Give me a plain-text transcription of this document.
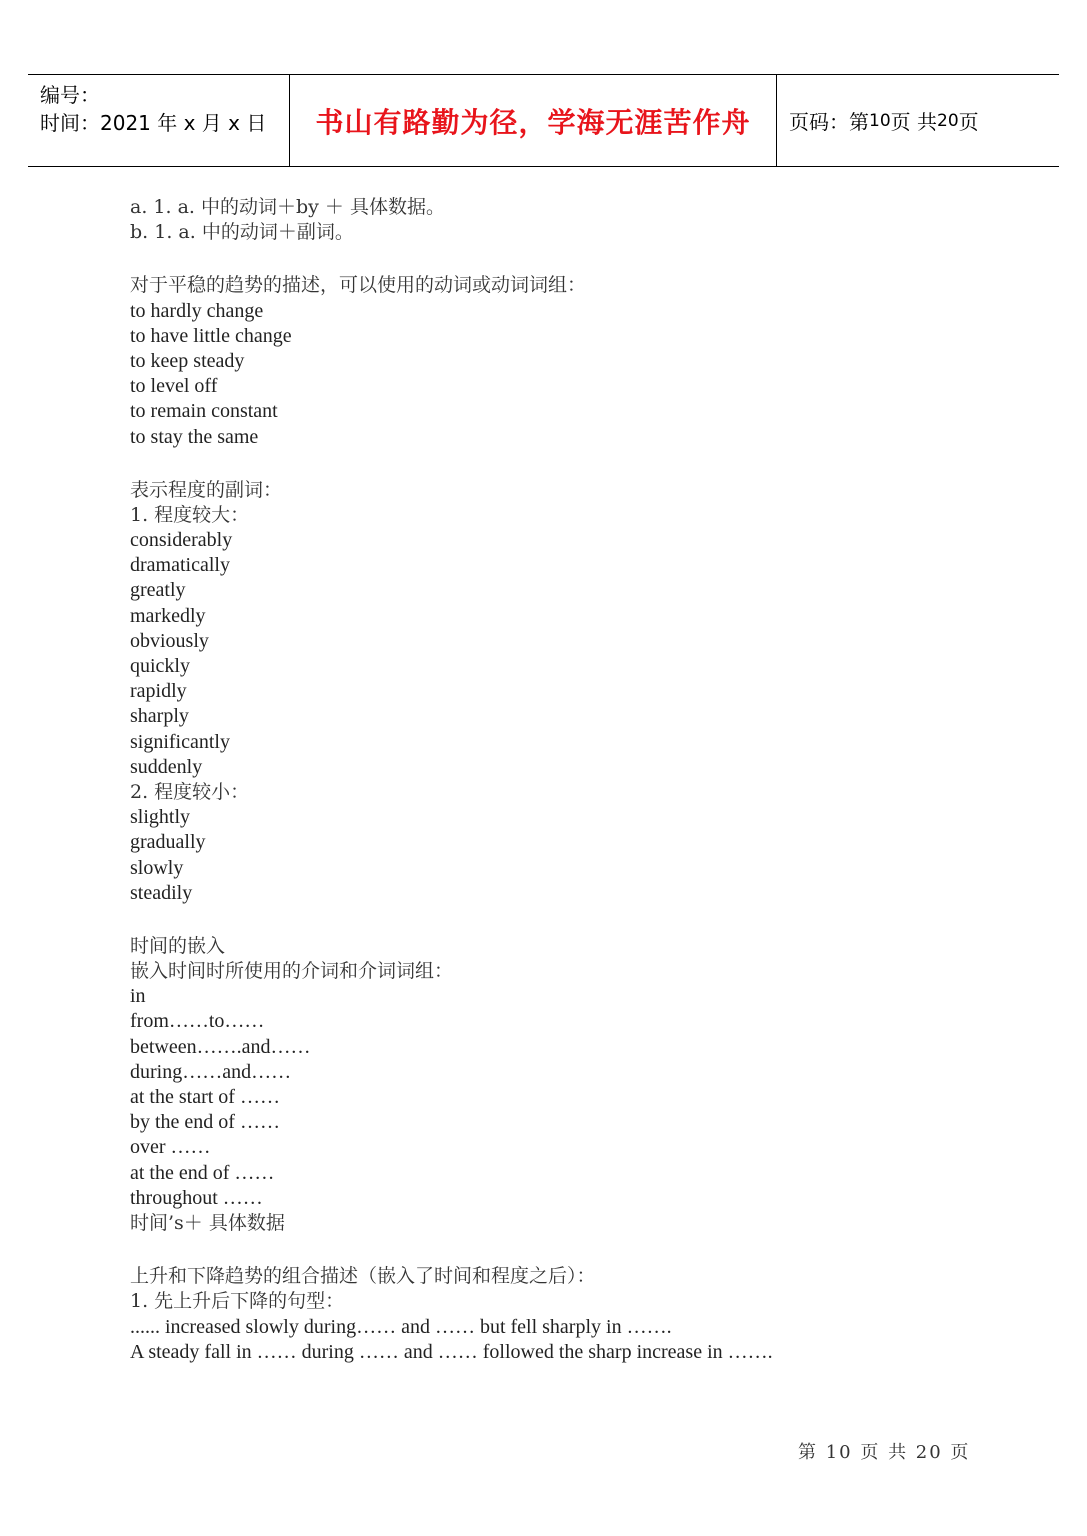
编号：
时间：2021 年 x 月 x 日 书山有路勤为径，学海无涯苦作舟 页码：第 10 页 共 20 页
a. 1. a. 中的动词＋by ＋ 具体数据。
b. 1. a. 中的动词＋副词。
对于平稳的趋势的描述，可以使用的动词或动词词组：
to hardly change
to have little change
to keep steady
to level off
to remain constant
to stay the same
表示程度的副词：
1. 程度较大：
considerably
dramatically
greatly
markedly
obviously
quickly
rapidly
sharply
significantly
suddenly
2. 程度较小：
slightly
gradually
slowly
steadily
时间的嵌入
嵌入时间时所使用的介词和介词词组：
in
from……to……
between…….and……
during……and……
at the start of ……
by the end of ……
over ……
at the end of ……
throughout ……
时间’s＋ 具体数据
上升和下降趋势的组合描述（嵌入了时间和程度之后）：
1. 先上升后下降的句型：
...... increased slowly during…… and …… but fell sharply in …….
A steady fall in …… during …… and …… followed the sharp increase in …….
第 10 页 共 20 页
